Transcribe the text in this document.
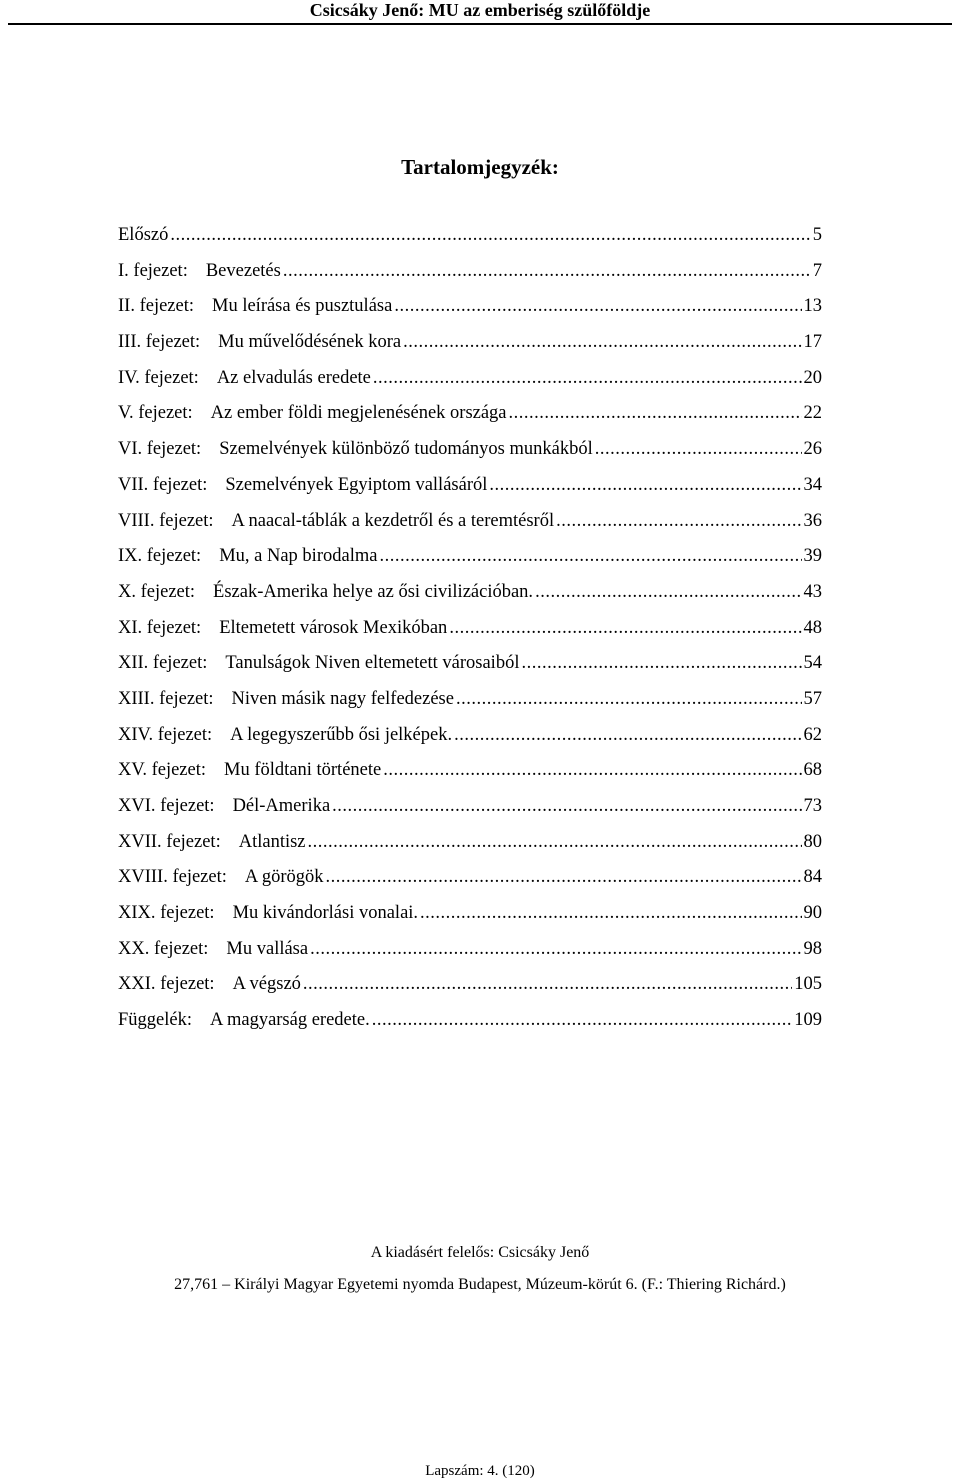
Csicsáky Jenő: MU az emberiség szülőföldje
Tartalomjegyzék:
Előszó .....	5
I. fejezet: Bevezetés .....	7
II. fejezet: Mu leírása és pusztulása .....	13
III. fejezet: Mu művelődésének kora .....	17
IV. fejezet: Az elvadulás eredete .....	20
V. fejezet: Az ember földi megjelenésének országa .....	22
VI. fejezet: Szemelvények különböző tudományos munkákból .....	26
VII. fejezet: Szemelvények Egyiptom vallásáról .....	34
VIII. fejezet: A naacal-táblák a kezdetről és a teremtésről .....	36
IX. fejezet: Mu, a Nap birodalma .....	39
X. fejezet: Észak-Amerika helye az ősi civilizációban. .....	43
XI. fejezet: Eltemetett városok Mexikóban .....	48
XII. fejezet: Tanulságok Niven eltemetett városaiból .....	54
XIII. fejezet: Niven másik nagy felfedezése .....	57
XIV. fejezet: A legegyszerűbb ősi jelképek. .....	62
XV. fejezet: Mu földtani története .....	68
XVI. fejezet: Dél-Amerika .....	73
XVII. fejezet: Atlantisz .....	80
XVIII. fejezet: A görögök .....	84
XIX. fejezet: Mu kivándorlási vonalai. .....	90
XX. fejezet: Mu vallása .....	98
XXI. fejezet: A végszó .....	105
Függelék: A magyarság eredete. .....	109
A kiadásért felelős: Csicsáky Jenő
27,761 – Királyi Magyar Egyetemi nyomda Budapest, Múzeum-körút 6. (F.: Thiering Richárd.)
Lapszám: 4. (120)
